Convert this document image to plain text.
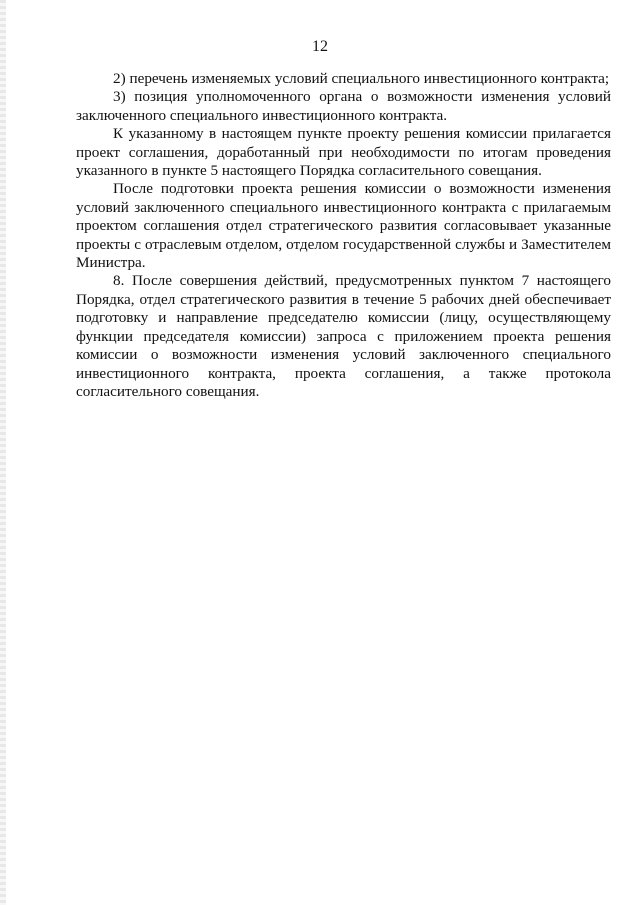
12

2) перечень изменяемых условий специального инвестиционного контракта;

3) позиция уполномоченного органа о возможности изменения условий заключенного специального инвестиционного контракта.

К указанному в настоящем пункте проекту решения комиссии прилагается проект соглашения, доработанный при необходимости по итогам проведения указанного в пункте 5 настоящего Порядка согласительного совещания.

После подготовки проекта решения комиссии о возможности изменения условий заключенного специального инвестиционного контракта с прилагаемым проектом соглашения отдел стратегического развития согласовывает указанные проекты с отраслевым отделом, отделом государственной службы и Заместителем Министра.

8. После совершения действий, предусмотренных пунктом 7 настоящего Порядка, отдел стратегического развития в течение 5 рабочих дней обеспечивает подготовку и направление председателю комиссии (лицу, осуществляющему функции председателя комиссии) запроса с приложением проекта решения комиссии о возможности изменения условий заключенного специального инвестиционного контракта, проекта соглашения, а также протокола согласительного совещания.
